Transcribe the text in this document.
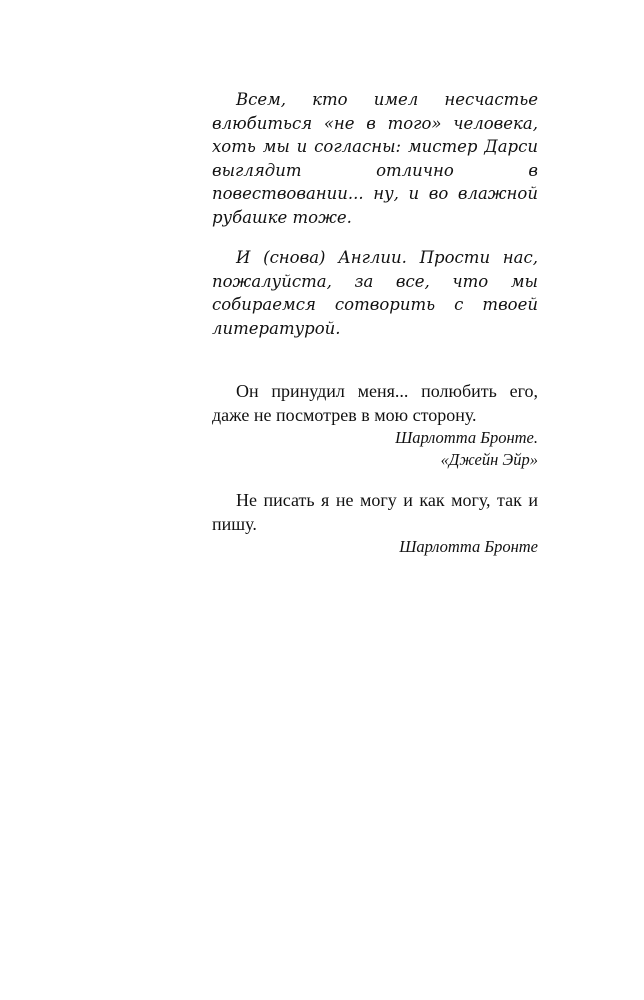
Всем, кто имел несчастье влюбиться «не в того» человека, хоть мы и согласны: мистер Дарси выглядит отлично в повествовании... ну, и во влажной рубашке тоже.

И (снова) Англии. Прости нас, пожалуйста, за все, что мы собираемся сотворить с твоей литературой.

Он принудил меня... полюбить его, даже не посмотрев в мою сторону.

Шарлотта Бронте.

«Джейн Эйр»

Не писать я не могу и как могу, так и пишу.

Шарлотта Бронте
